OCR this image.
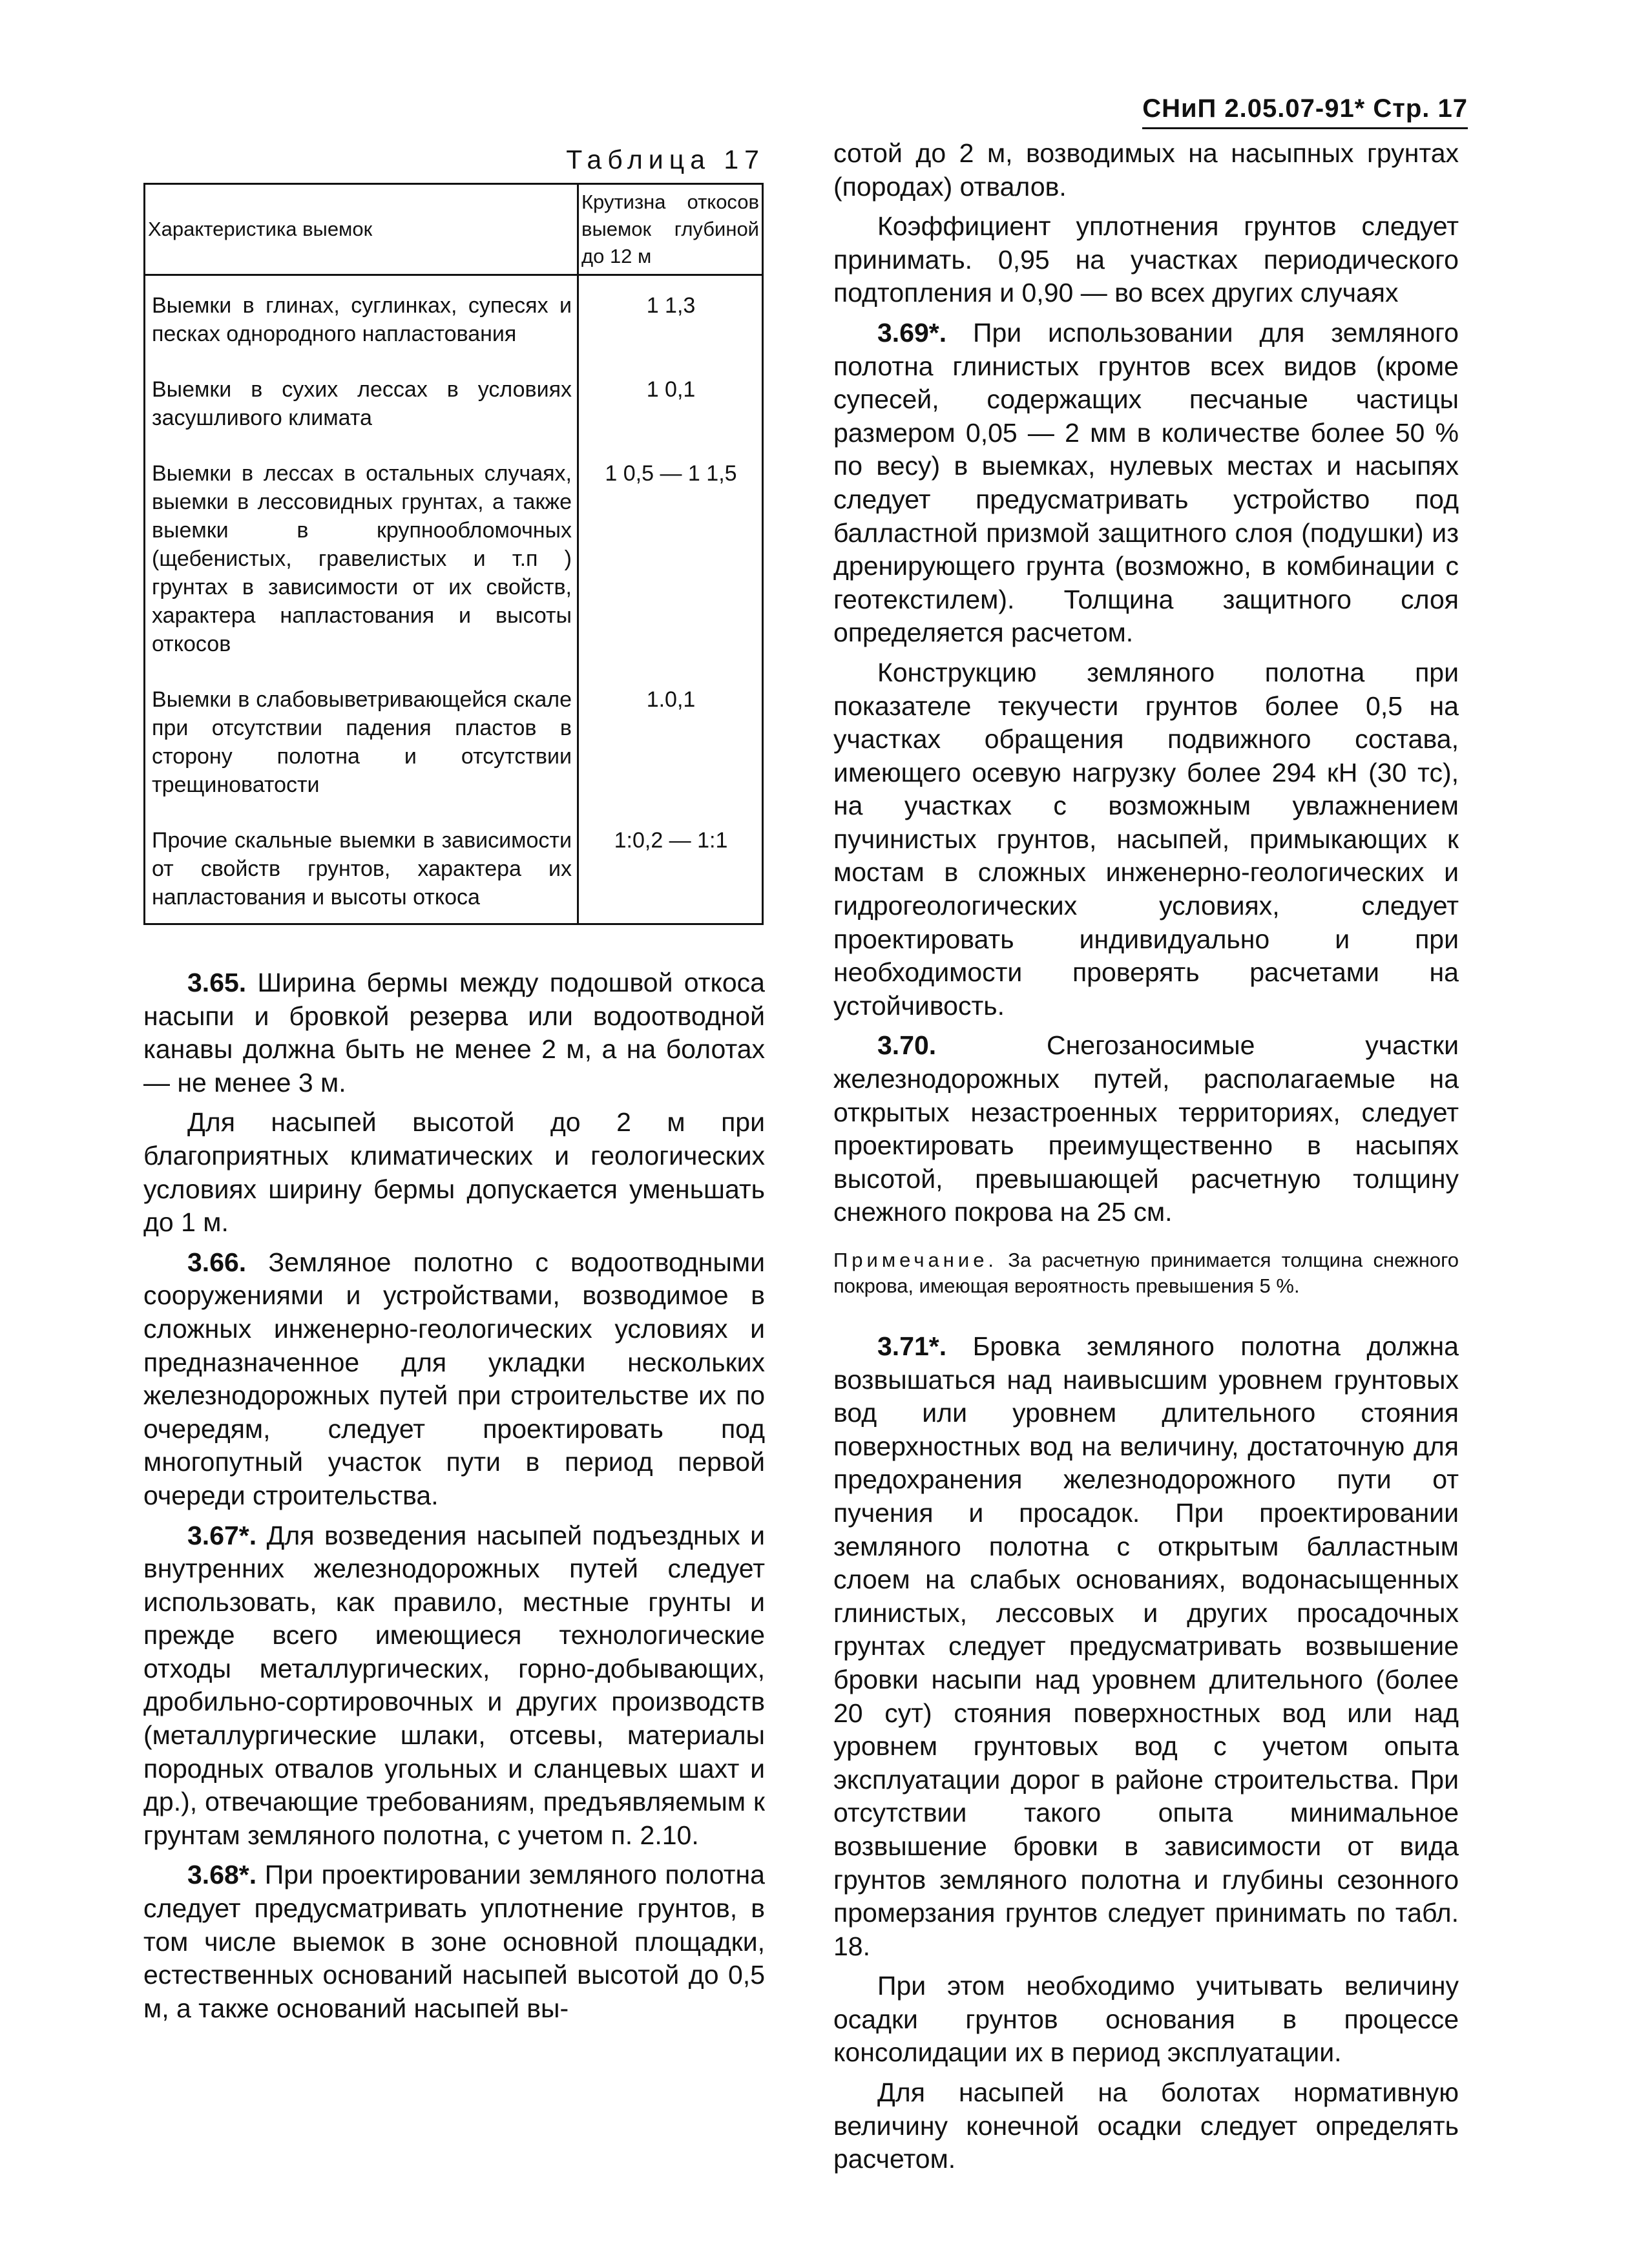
СНиП 2.05.07-91* Стр. 17
Таблица 17
Характеристика выемок	Крутизна откосов выемок глубиной до 12 м
Выемки в глинах, суглинках, супесях и песках однородного напластования	1 1,3
Выемки в сухих лессах в условиях засушливого климата	1 0,1
Выемки в лессах в остальных случаях, выемки в лессовидных грунтах, а также выемки в крупнообломочных (щебенистых, гравелистых и т.п ) грунтах в зависимости от их свойств, характера напластования и высоты откосов	1 0,5 — 1 1,5
Выемки в слабовыветривающейся скале при отсутствии падения пластов в сторону полотна и отсутствии трещиноватости	1.0,1
Прочие скальные выемки в зависимости от свойств грунтов, характера их напластования и высоты откоса	1:0,2 — 1:1

3.65. Ширина бермы между подошвой откоса насыпи и бровкой резерва или водоотводной канавы должна быть не менее 2 м, а на болотах — не менее 3 м.

Для насыпей высотой до 2 м при благоприятных климатических и геологических условиях ширину бермы допускается уменьшать до 1 м.

3.66. Земляное полотно с водоотводными сооружениями и устройствами, возводимое в сложных инженерно-геологических условиях и предназначенное для укладки нескольких железнодорожных путей при строительстве их по очередям, следует проектировать под многопутный участок пути в период первой очереди строительства.

3.67*. Для возведения насыпей подъездных и внутренних железнодорожных путей следует использовать, как правило, местные грунты и прежде всего имеющиеся технологические отходы металлургических, горно-добывающих, дробильно-сортировочных и других производств (металлургические шлаки, отсевы, материалы породных отвалов угольных и сланцевых шахт и др.), отвечающие требованиям, предъявляемым к грунтам земляного полотна, с учетом п. 2.10.

3.68*. При проектировании земляного полотна следует предусматривать уплотнение грунтов, в том числе выемок в зоне основной площадки, естественных оснований насыпей высотой до 0,5 м, а также оснований насыпей вы-

сотой до 2 м, возводимых на насыпных грунтах (породах) отвалов.

Коэффициент уплотнения грунтов следует принимать. 0,95 на участках периодического подтопления и 0,90 — во всех других случаях

3.69*. При использовании для земляного полотна глинистых грунтов всех видов (кроме супесей, содержащих песчаные частицы размером 0,05 — 2 мм в количестве более 50 % по весу) в выемках, нулевых местах и насыпях следует предусматривать устройство под балластной призмой защитного слоя (подушки) из дренирующего грунта (возможно, в комбинации с геотекстилем). Толщина защитного слоя определяется расчетом.

Конструкцию земляного полотна при показателе текучести грунтов более 0,5 на участках обращения подвижного состава, имеющего осевую нагрузку более 294 кН (30 тс), на участках с возможным увлажнением пучинистых грунтов, насыпей, примыкающих к мостам в сложных инженерно-геологических и гидрогеологических условиях, следует проектировать индивидуально и при необходимости проверять расчетами на устойчивость.

3.70.	Снегозаносимые участки железнодорожных путей, располагаемые на открытых незастроенных территориях, следует проектировать преимущественно в насыпях высотой, превышающей расчетную толщину снежного покрова на 25 см.

Примечание. За расчетную принимается толщина снежного покрова, имеющая вероятность превышения 5 %.

3.71*. Бровка земляного полотна должна возвышаться над наивысшим уровнем грунтовых вод или уровнем длительного стояния поверхностных вод на величину, достаточную для предохранения железнодорожного пути от пучения и просадок. При проектировании земляного полотна с открытым балластным слоем на слабых основаниях, водонасыщенных глинистых, лессовых и других просадочных грунтах следует предусматривать возвышение бровки насыпи над уровнем длительного (более 20 сут) стояния поверхностных вод или над уровнем грунтовых вод с учетом опыта эксплуатации дорог в районе строительства. При отсутствии такого опыта минимальное возвышение бровки в зависимости от вида грунтов земляного полотна и глубины сезонного промерзания грунтов следует принимать по табл. 18.

При этом необходимо учитывать величину осадки грунтов основания в процессе консолидации их в период эксплуатации.

Для насыпей на болотах нормативную величину конечной осадки следует определять расчетом.
